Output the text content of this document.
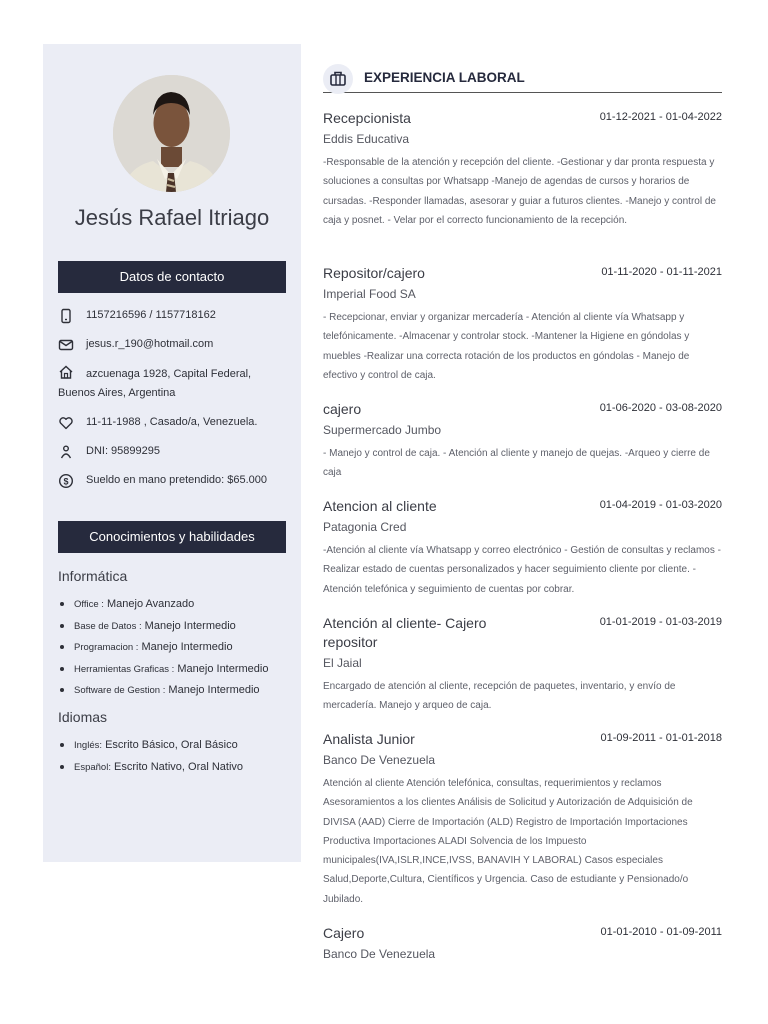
Jesús Rafael Itriago
Datos de contacto
1157216596 / 1157718162
jesus.r_190@hotmail.com
azcuenaga 1928, Capital Federal, Buenos Aires, Argentina
11-11-1988 , Casado/a, Venezuela.
DNI: 95899295
$ Sueldo en mano pretendido: $65.000
Conocimientos y habilidades
Informática
Office : Manejo Avanzado
Base de Datos : Manejo Intermedio
Programacion : Manejo Intermedio
Herramientas Graficas : Manejo Intermedio
Software de Gestion : Manejo Intermedio
Idiomas
Inglés: Escrito Básico, Oral Básico
Español: Escrito Nativo, Oral Nativo
EXPERIENCIA LABORAL
Recepcionista	01-12-2021 - 01-04-2022
Eddis Educativa
-Responsable de la atención y recepción del cliente. -Gestionar y dar pronta respuesta y soluciones a consultas por Whatsapp -Manejo de agendas de cursos y horarios de cursadas. -Responder llamadas, asesorar y guiar a futuros clientes. -Manejo y control de caja y posnet. - Velar por el correcto funcionamiento de la recepción.
Repositor/cajero	01-11-2020 - 01-11-2021
Imperial Food SA
- Recepcionar, enviar y organizar mercadería - Atención al cliente vía Whatsapp y telefónicamente. -Almacenar y controlar stock. -Mantener la Higiene en góndolas y muebles -Realizar una correcta rotación de los productos en góndolas - Manejo de efectivo y control de caja.
cajero	01-06-2020 - 03-08-2020
Supermercado Jumbo
- Manejo y control de caja. - Atención al cliente y manejo de quejas. -Arqueo y cierre de caja
Atencion al cliente	01-04-2019 - 01-03-2020
Patagonia Cred
-Atención al cliente vía Whatsapp y correo electrónico - Gestión de consultas y reclamos - Realizar estado de cuentas personalizados y hacer seguimiento cliente por cliente. - Atención telefónica y seguimiento de cuentas por cobrar.
Atención al cliente- Cajero repositor
01-01-2019 - 01-03-2019
El Jaial
Encargado de atención al cliente, recepción de paquetes, inventario, y envío de mercadería. Manejo y arqueo de caja.
Analista Junior	01-09-2011 - 01-01-2018
Banco De Venezuela
Atención al cliente Atención telefónica, consultas, requerimientos y reclamos Asesoramientos a los clientes Análisis de Solicitud y Autorización de Adquisición de DIVISA (AAD) Cierre de Importación (ALD) Registro de Importación Importaciones Productiva Importaciones ALADI Solvencia de los Impuesto municipales(IVA,ISLR,INCE,IVSS, BANAVIH Y LABORAL) Casos especiales Salud,Deporte,Cultura, Científicos y Urgencia. Caso de estudiante y Pensionado/o Jubilado.
Cajero	01-01-2010 - 01-09-2011
Banco De Venezuela
